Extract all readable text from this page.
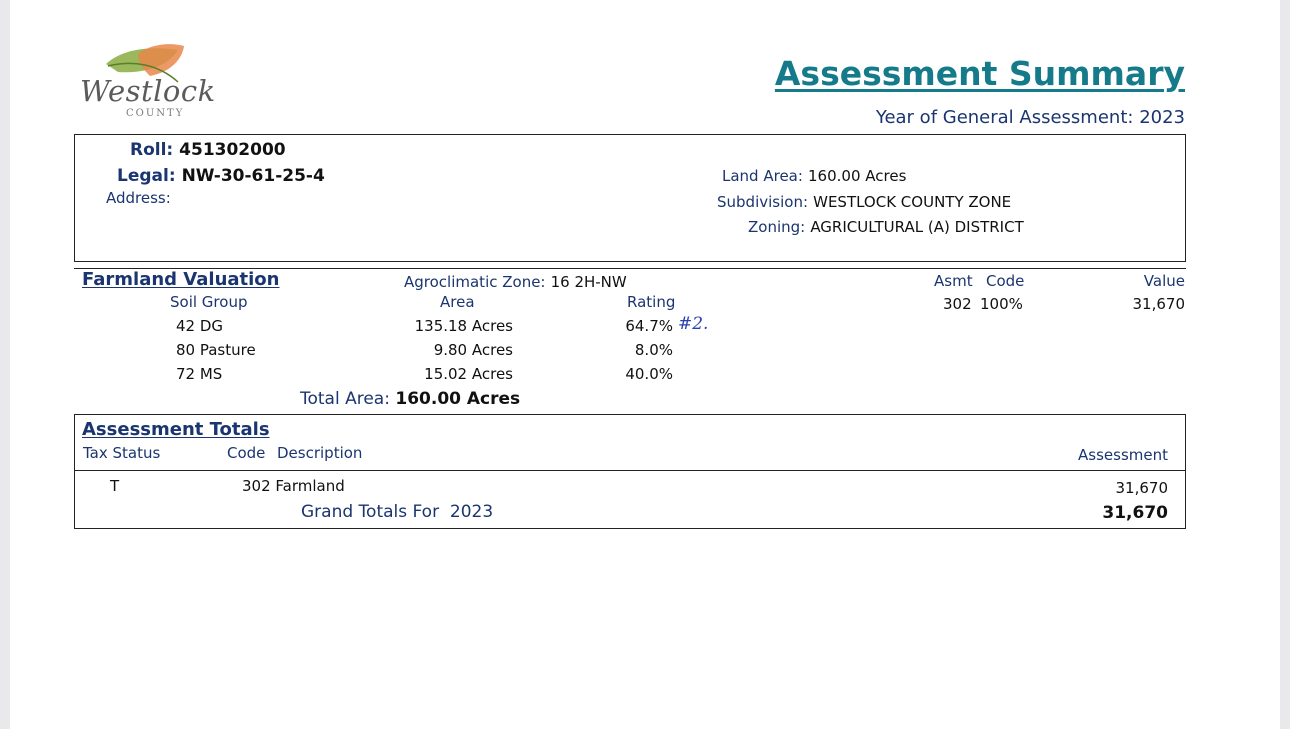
Westlock
COUNTY
Assessment Summary
Year of General Assessment: 2023
Roll: 451302000
Legal: NW-30-61-25-4
Address:
Land Area: 160.00 Acres
Subdivision: WESTLOCK COUNTY ZONE
Zoning: AGRICULTURAL (A) DISTRICT
Farmland Valuation	Agroclimatic Zone: 16 2H-NW
Soil Group	Area	Rating
Asmt Code	Value
302 100%	31,670
42 DG	135.18 Acres	64.7% #2.
80 Pasture	9.80 Acres	8.0%
72 MS	15.02 Acres	40.0%
Total Area: 160.00 Acres
Assessment Totals
Tax Status	Code Description	Assessment
T	302 Farmland	31,670
Grand Totals For  2023	31,670
